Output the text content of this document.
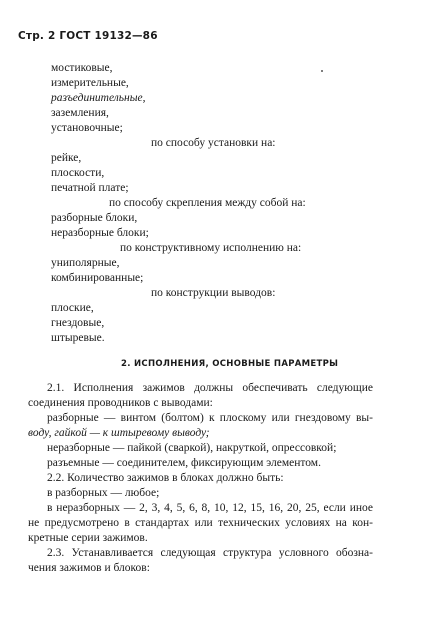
Стр. 2 ГОСТ 19132—86
мостиковые,
измерительные,
разъединительные,
заземления,
установочные;
по способу установки на:
рейке,
плоскости,
печатной плате;
по способу скрепления между собой на:
разборные блоки,
неразборные блоки;
по конструктивному исполнению на:
униполярные,
комбинированные;
по конструкции выводов:
плоские,
гнездовые,
штыревые.
2. ИСПОЛНЕНИЯ, ОСНОВНЫЕ ПАРАМЕТРЫ
2.1. Исполнения зажимов должны обеспечивать следующие
соединения проводников с выводами:
разборные — винтом (болтом) к плоскому или гнездовому вы-
воду, гайкой — к штыревому выводу;
неразборные — пайкой (сваркой), накруткой, опрессовкой;
разъемные — соединителем, фиксирующим элементом.
2.2. Количество зажимов в блоках должно быть:
в разборных — любое;
в неразборных — 2, 3, 4, 5, 6, 8, 10, 12, 15, 16, 20, 25, если иное
не предусмотрено в стандартах или технических условиях на кон-
кретные серии зажимов.
2.3. Устанавливается следующая структура условного обозна-
чения зажимов и блоков:
